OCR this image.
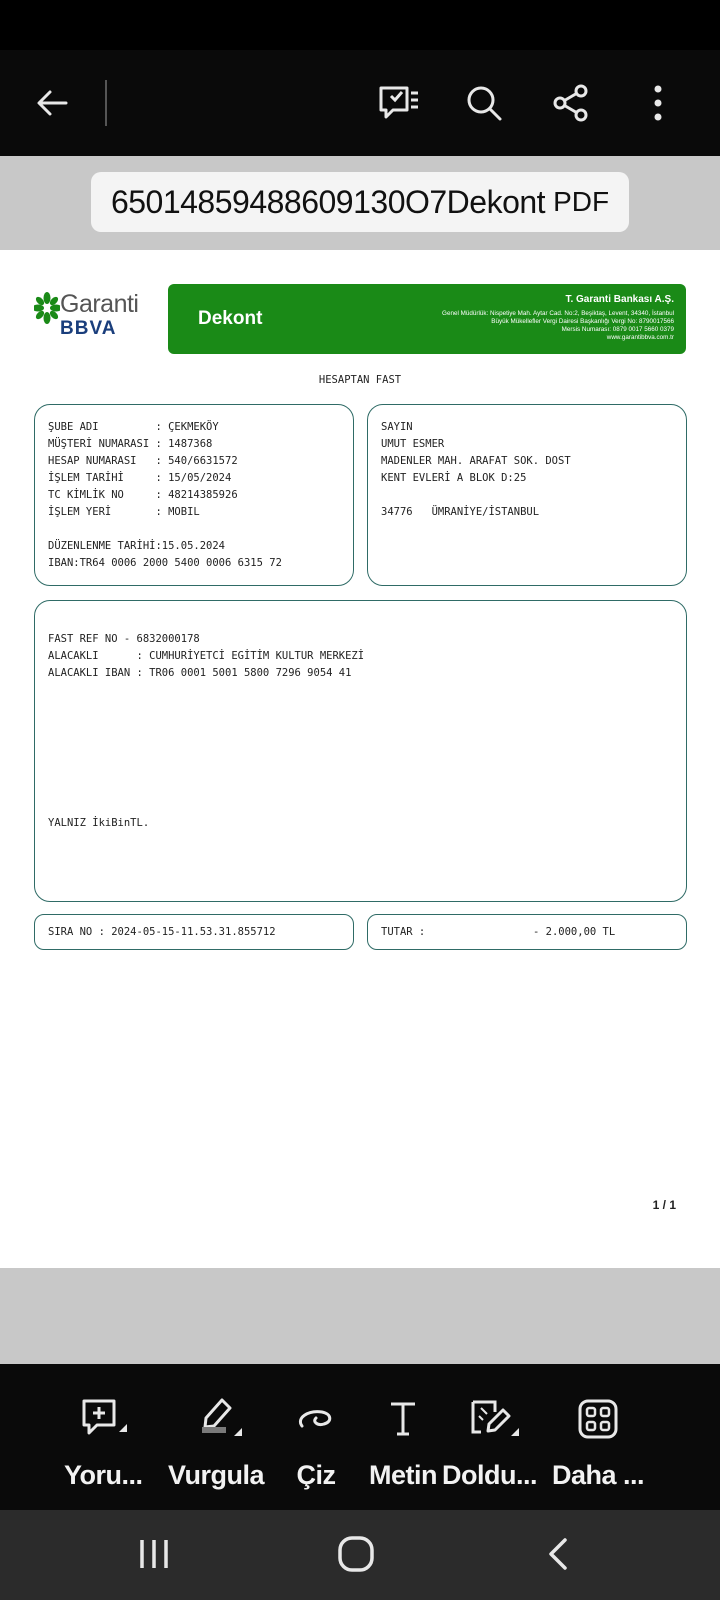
65014859488609130O7Dekont PDF
Garanti
BBVA	Dekont
T. Garanti Bankası A.Ş.
Genel Müdürlük: Nispetiye Mah. Aytar Cad. No:2, Beşiktaş, Levent, 34340, İstanbul
Büyük Mükellefler Vergi Dairesi Başkanlığı Vergi No: 8790017566
Mersis Numarası: 0879 0017 5660 0379
www.garantibbva.com.tr
HESAPTAN FAST
ŞUBE ADI         : ÇEKMEKÖY
MÜŞTERİ NUMARASI : 1487368
HESAP NUMARASI   : 540/6631572
İŞLEM TARİHİ     : 15/05/2024
TC KİMLİK NO     : 48214385926
İŞLEM YERİ       : MOBIL
DÜZENLENME TARİHİ:15.05.2024
IBAN:TR64 0006 2000 5400 0006 6315 72
SAYIN
UMUT ESMER
MADENLER MAH. ARAFAT SOK. DOST
KENT EVLERİ A BLOK D:25
34776   ÜMRANİYE/İSTANBUL
FAST REF NO - 6832000178
ALACAKLI      : CUMHURİYETCİ EGİTİM KULTUR MERKEZİ
ALACAKLI IBAN : TR06 0001 5001 5800 7296 9054 41
YALNIZ İkiBinTL.
SIRA NO : 2024-05-15-11.53.31.855712	TUTAR :	- 2.000,00 TL
1 / 1
Yoru... Vurgula Çiz Metin Doldu... Daha ...
